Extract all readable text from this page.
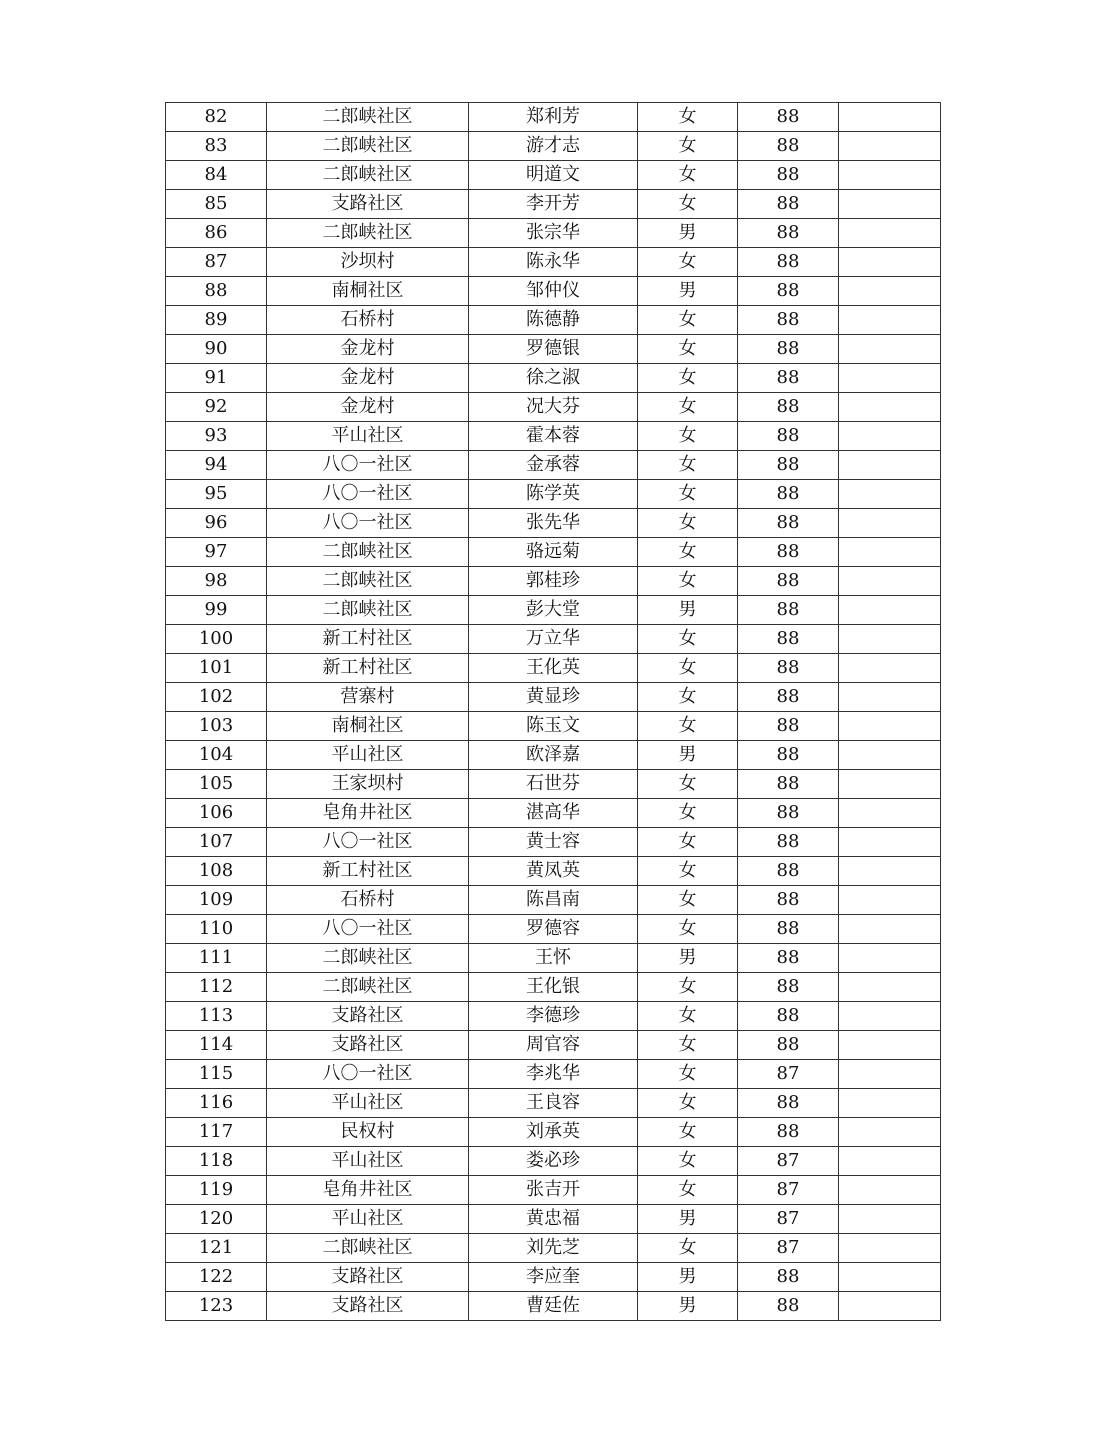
82	二郎峡社区	郑利芳	女	88	
83	二郎峡社区	游才志	女	88	
84	二郎峡社区	明道文	女	88	
85	支路社区	李开芳	女	88	
86	二郎峡社区	张宗华	男	88	
87	沙坝村	陈永华	女	88	
88	南桐社区	邹仲仪	男	88	
89	石桥村	陈德静	女	88	
90	金龙村	罗德银	女	88	
91	金龙村	徐之淑	女	88	
92	金龙村	况大芬	女	88	
93	平山社区	霍本蓉	女	88	
94	八〇一社区	金承蓉	女	88	
95	八〇一社区	陈学英	女	88	
96	八〇一社区	张先华	女	88	
97	二郎峡社区	骆远菊	女	88	
98	二郎峡社区	郭桂珍	女	88	
99	二郎峡社区	彭大堂	男	88	
100	新工村社区	万立华	女	88	
101	新工村社区	王化英	女	88	
102	营寨村	黄显珍	女	88	
103	南桐社区	陈玉文	女	88	
104	平山社区	欧泽嘉	男	88	
105	王家坝村	石世芬	女	88	
106	皂角井社区	湛高华	女	88	
107	八〇一社区	黄士容	女	88	
108	新工村社区	黄凤英	女	88	
109	石桥村	陈昌南	女	88	
110	八〇一社区	罗德容	女	88	
111	二郎峡社区	王怀	男	88	
112	二郎峡社区	王化银	女	88	
113	支路社区	李德珍	女	88	
114	支路社区	周官容	女	88	
115	八〇一社区	李兆华	女	87	
116	平山社区	王良容	女	88	
117	民权村	刘承英	女	88	
118	平山社区	娄必珍	女	87	
119	皂角井社区	张吉开	女	87	
120	平山社区	黄忠福	男	87	
121	二郎峡社区	刘先芝	女	87	
122	支路社区	李应奎	男	88	
123	支路社区	曹廷佐	男	88	
